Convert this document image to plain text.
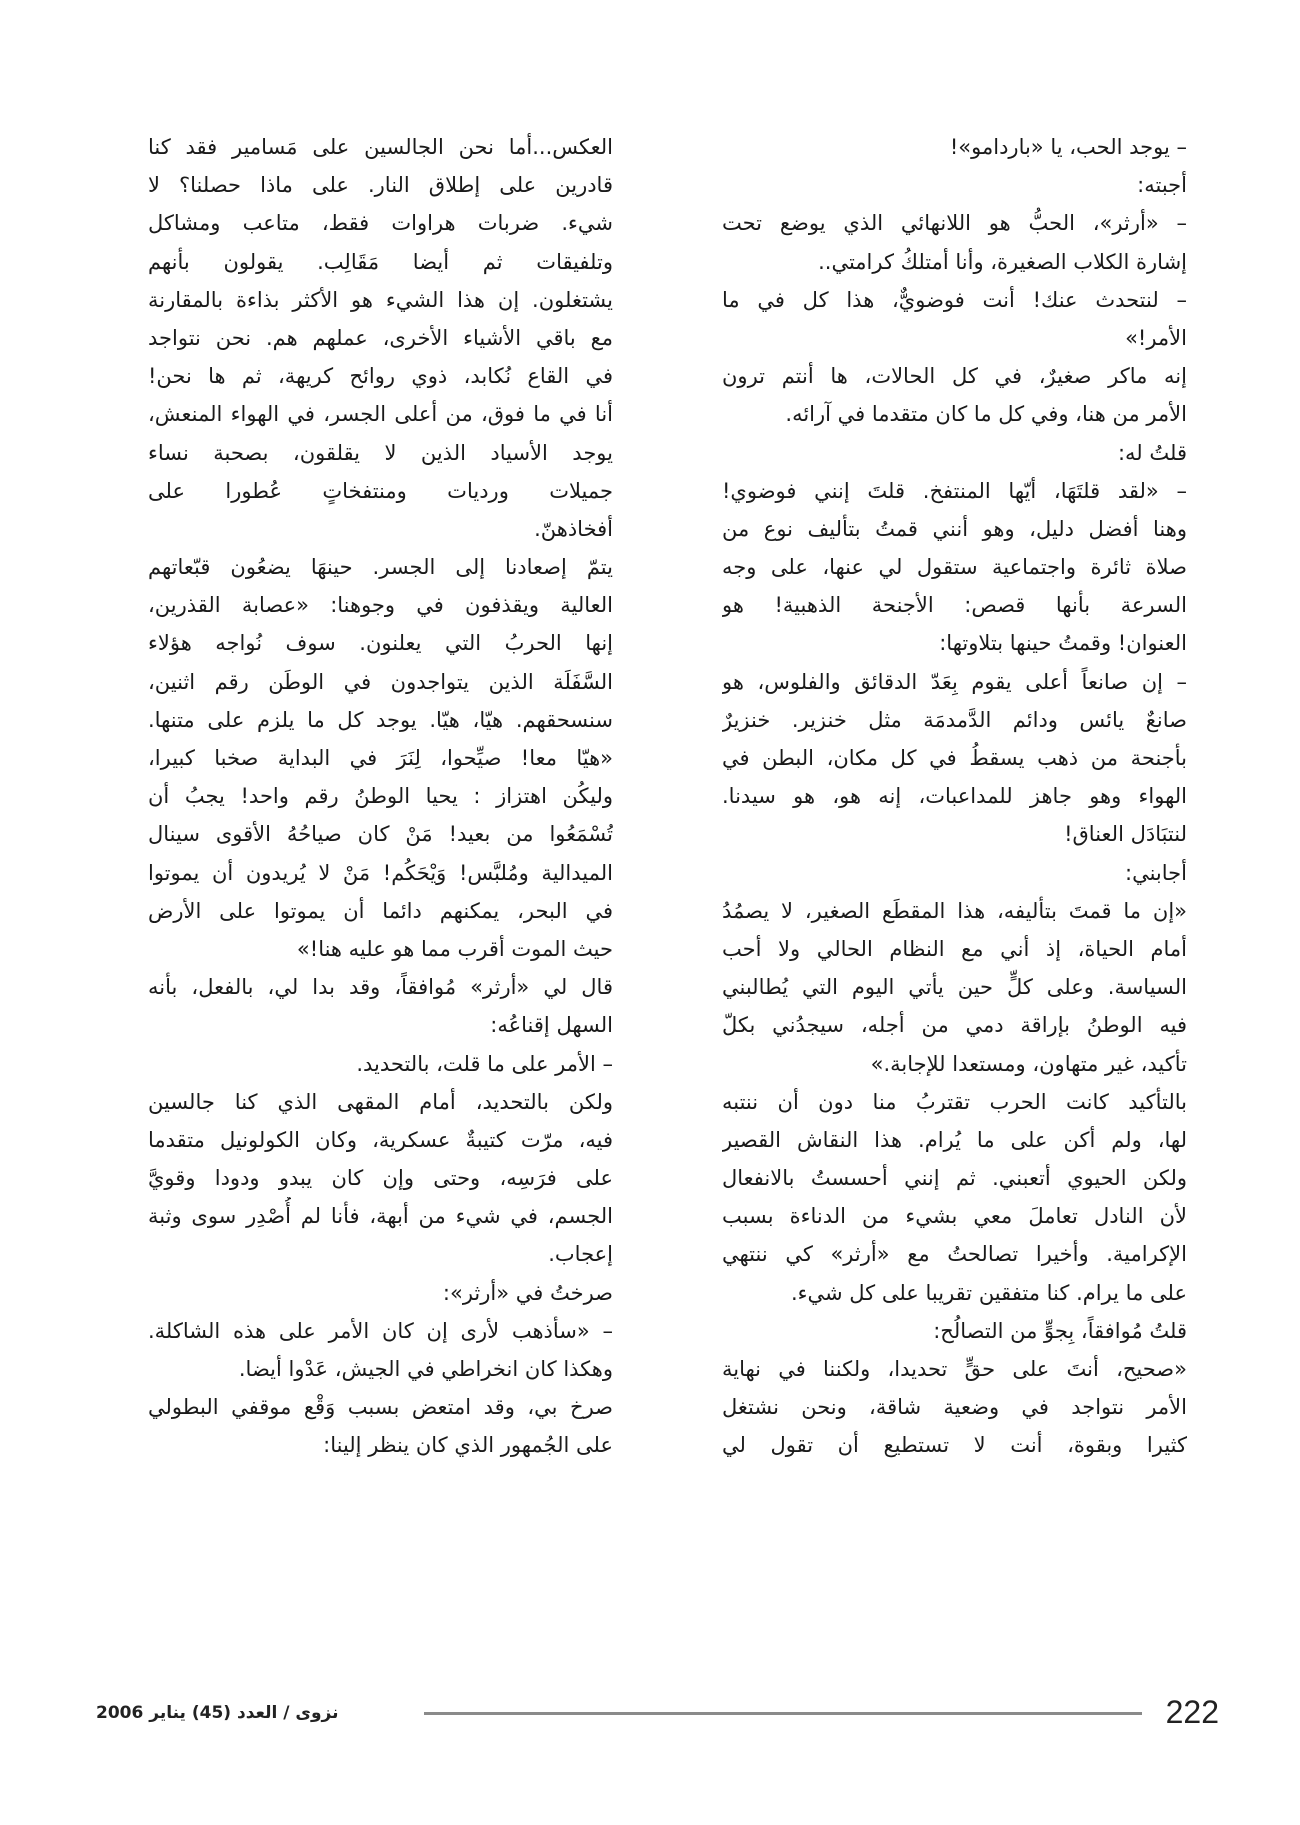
– يوجد الحب، يا «باردامو»!
أجبته:
– «أرثر»، الحبُّ هو اللانهائي الذي يوضع تحت
إشارة الكلاب الصغيرة، وأنا أمتلكُ كرامتي..
– لنتحدث عنك! أنت فوضويٌّ، هذا كل في ما
الأمر!»
إنه ماكر صغيرٌ، في كل الحالات، ها أنتم ترون
الأمر من هنا، وفي كل ما كان متقدما في آرائه.
قلتُ له:
– «لقد قلتَهَا، أيّها المنتفخ. قلتَ إنني فوضوي!
وهنا أفضل دليل، وهو أنني قمتُ بتأليف نوع من
صلاة ثائرة واجتماعية ستقول لي عنها، على وجه
السرعة بأنها قصص: الأجنحة الذهبية! هو
العنوان! وقمتُ حينها بتلاوتها:
– إن صانعاً أعلى يقوم بِعَدّ الدقائق والفلوس، هو
صانعٌ يائس ودائم الدَّمدمَة مثل خنزير. خنزيرٌ
بأجنحة من ذهب يسقطُ في كل مكان، البطن في
الهواء وهو جاهز للمداعبات، إنه هو، هو سيدنا.
لنتبَادَل العناق!
أجابني:
«إن ما قمتَ بتأليفه، هذا المقطَع الصغير، لا يصمُدُ
أمام الحياة، إذ أني مع النظام الحالي ولا أحب
السياسة. وعلى كلٍّ حين يأتي اليوم التي يُطالبني
فيه الوطنُ بإراقة دمي من أجله، سيجدُني بكلّ
تأكيد، غير متهاون، ومستعدا للإجابة.»
بالتأكيد كانت الحرب تقتربُ منا دون أن ننتبه
لها، ولم أكن على ما يُرام. هذا النقاش القصير
ولكن الحيوي أتعبني. ثم إنني أحسستُ بالانفعال
لأن النادل تعاملَ معي بشيء من الدناءة بسبب
الإكرامية. وأخيرا تصالحتُ مع «أرثر» كي ننتهي
على ما يرام. كنا متفقين تقريبا على كل شيء.
قلتُ مُوافقاً، بِجوٍّ من التصالُح:
«صحيح، أنتَ على حقٍّ تحديدا، ولكننا في نهاية
الأمر نتواجد في وضعية شاقة، ونحن نشتغل
كثيرا وبقوة، أنت لا تستطيع أن تقول لي
العكس...أما نحن الجالسين على مَسامير فقد كنا
قادرين على إطلاق النار. على ماذا حصلنا؟ لا
شيء. ضربات هراوات فقط، متاعب ومشاكل
وتلفيقات ثم أيضا مَقَالِب. يقولون بأنهم
يشتغلون. إن هذا الشيء هو الأكثر بذاءة بالمقارنة
مع باقي الأشياء الأخرى، عملهم هم. نحن نتواجد
في القاع نُكابد، ذوي روائح كريهة، ثم ها نحن!
أنا في ما فوق، من أعلى الجسر، في الهواء المنعش،
يوجد الأسياد الذين لا يقلقون، بصحبة نساء
جميلات ورديات ومنتفخاتٍ عُطورا على
أفخاذهنّ.
يتمّ إصعادنا إلى الجسر. حينهَا يضعُون قبّعاتهم
العالية ويقذفون في وجوهنا: «عصابة القذرين،
إنها الحربُ التي يعلنون. سوف نُواجه هؤلاء
السَّفَلَة الذين يتواجدون في الوطَن رقم اثنين،
سنسحقهم. هيّا، هيّا. يوجد كل ما يلزم على متنها.
«هيّا معا! صيِّحوا، لِنَرَ في البداية صخبا كبيرا،
وليكُن اهتزاز : يحيا الوطنُ رقم واحد! يجبُ أن
تُسْمَعُوا من بعيد! مَنْ كان صياحُهُ الأقوى سينال
الميدالية ومُلبَّس! وَيْحَكُم! مَنْ لا يُريدون أن يموتوا
في البحر، يمكنهم دائما أن يموتوا على الأرض
حيث الموت أقرب مما هو عليه هنا!»
قال لي «أرثر» مُوافقاً، وقد بدا لي، بالفعل، بأنه
السهل إقناعُه:
– الأمر على ما قلت، بالتحديد.
ولكن بالتحديد، أمام المقهى الذي كنا جالسين
فيه، مرّت كتيبةٌ عسكرية، وكان الكولونيل متقدما
على فرَسِه، وحتى وإن كان يبدو ودودا وقويَّ
الجسم، في شيء من أبهة، فأنا لم أُصْدِر سوى وثبة
إعجاب.
صرختُ في «أرثر»:
– «سأذهب لأرى إن كان الأمر على هذه الشاكلة.
وهكذا كان انخراطي في الجيش، عَدْوا أيضا.
صرخ بي، وقد امتعض بسبب وَقْع موقفي البطولي
على الجُمهور الذي كان ينظر إلينا:
نزوى / العدد (45) يناير 2006	222
